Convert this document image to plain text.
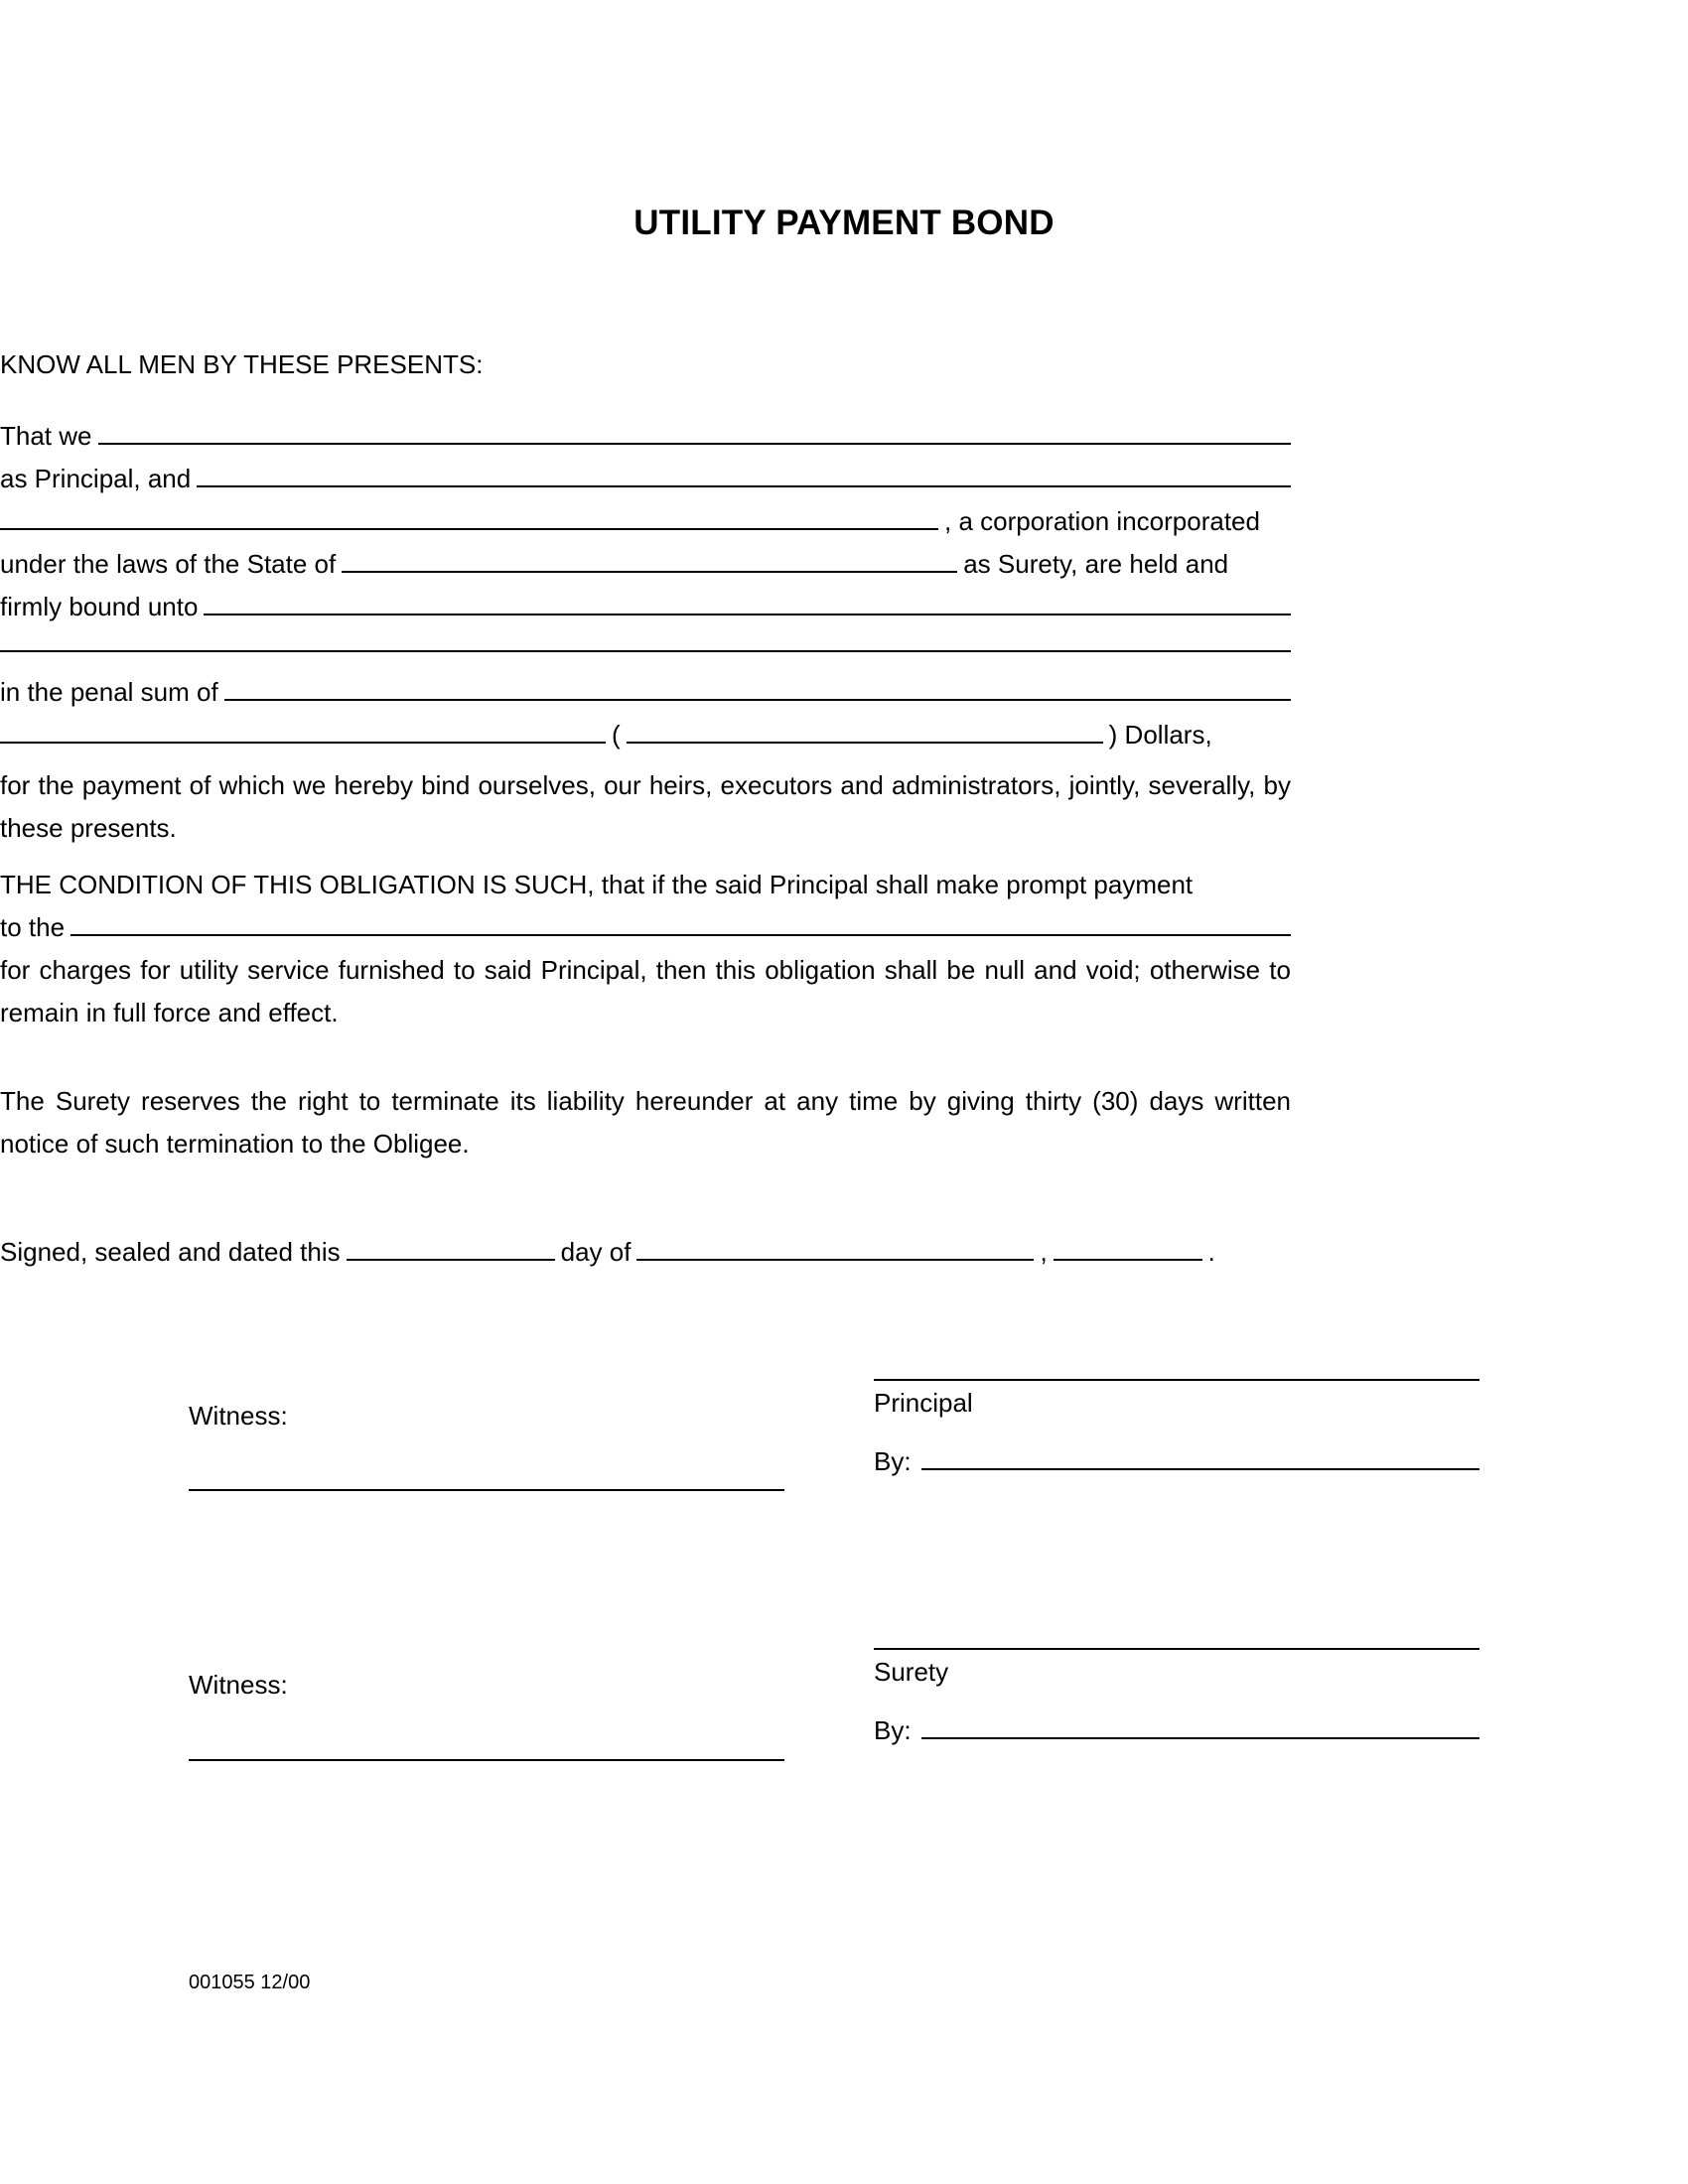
UTILITY PAYMENT BOND
KNOW ALL MEN BY THESE PRESENTS:
That we
as Principal, and
, a corporation incorporated
under the laws of the State of	as Surety, are held and
firmly bound unto
in the penal sum of
(	) Dollars,
for the payment of which we hereby bind ourselves, our heirs, executors and administrators, jointly, severally, by these presents.
THE CONDITION OF THIS OBLIGATION IS SUCH, that if the said Principal shall make prompt payment
to the
for charges for utility service furnished to said Principal, then this obligation shall be null and void; otherwise to remain in full force and effect.
The Surety reserves the right to terminate its liability hereunder at any time by giving thirty (30) days written notice of such termination to the Obligee.
Signed, sealed and dated this	day of	,	.
Principal
Witness:
By:
Surety
Witness:
By:
001055 12/00
